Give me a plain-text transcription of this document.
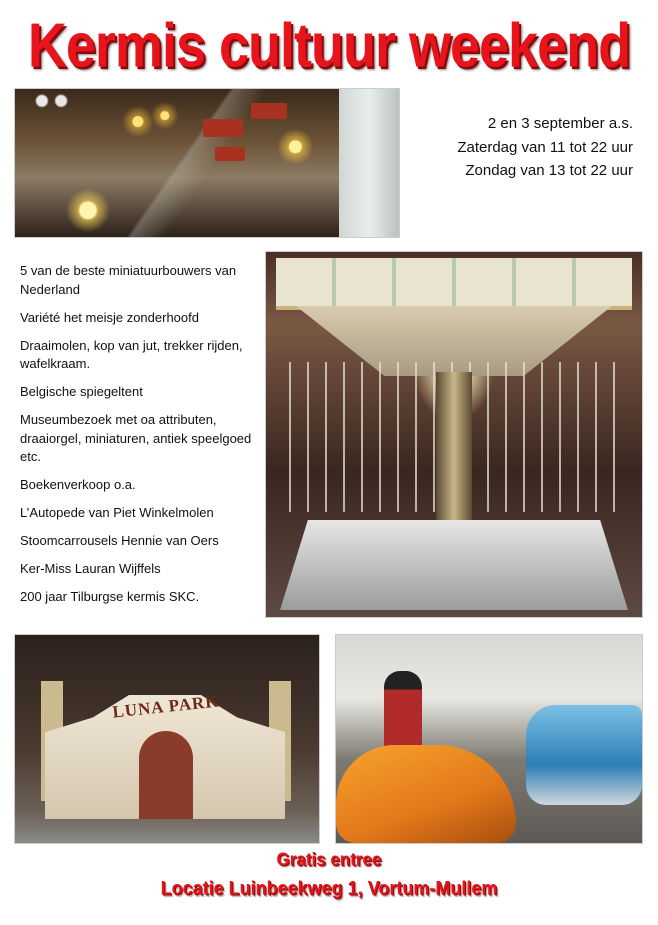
Kermis cultuur weekend
2 en 3 september a.s.
Zaterdag van 11 tot 22 uur
Zondag van 13 tot 22 uur
5 van de beste miniatuurbouwers van Nederland
Variété het meisje zonderhoofd
Draaimolen, kop van jut, trekker rijden, wafelkraam.
Belgische spiegeltent
Museumbezoek met oa attributen, draaiorgel, miniaturen, antiek speelgoed etc.
Boekenverkoop o.a.
L’Autopede van Piet Winkelmolen
Stoomcarrousels Hennie van Oers
Ker-Miss Lauran Wijffels
200 jaar Tilburgse kermis SKC.
LUNA PARK
Gratis entree
Locatie Luinbeekweg 1, Vortum-Mullem
